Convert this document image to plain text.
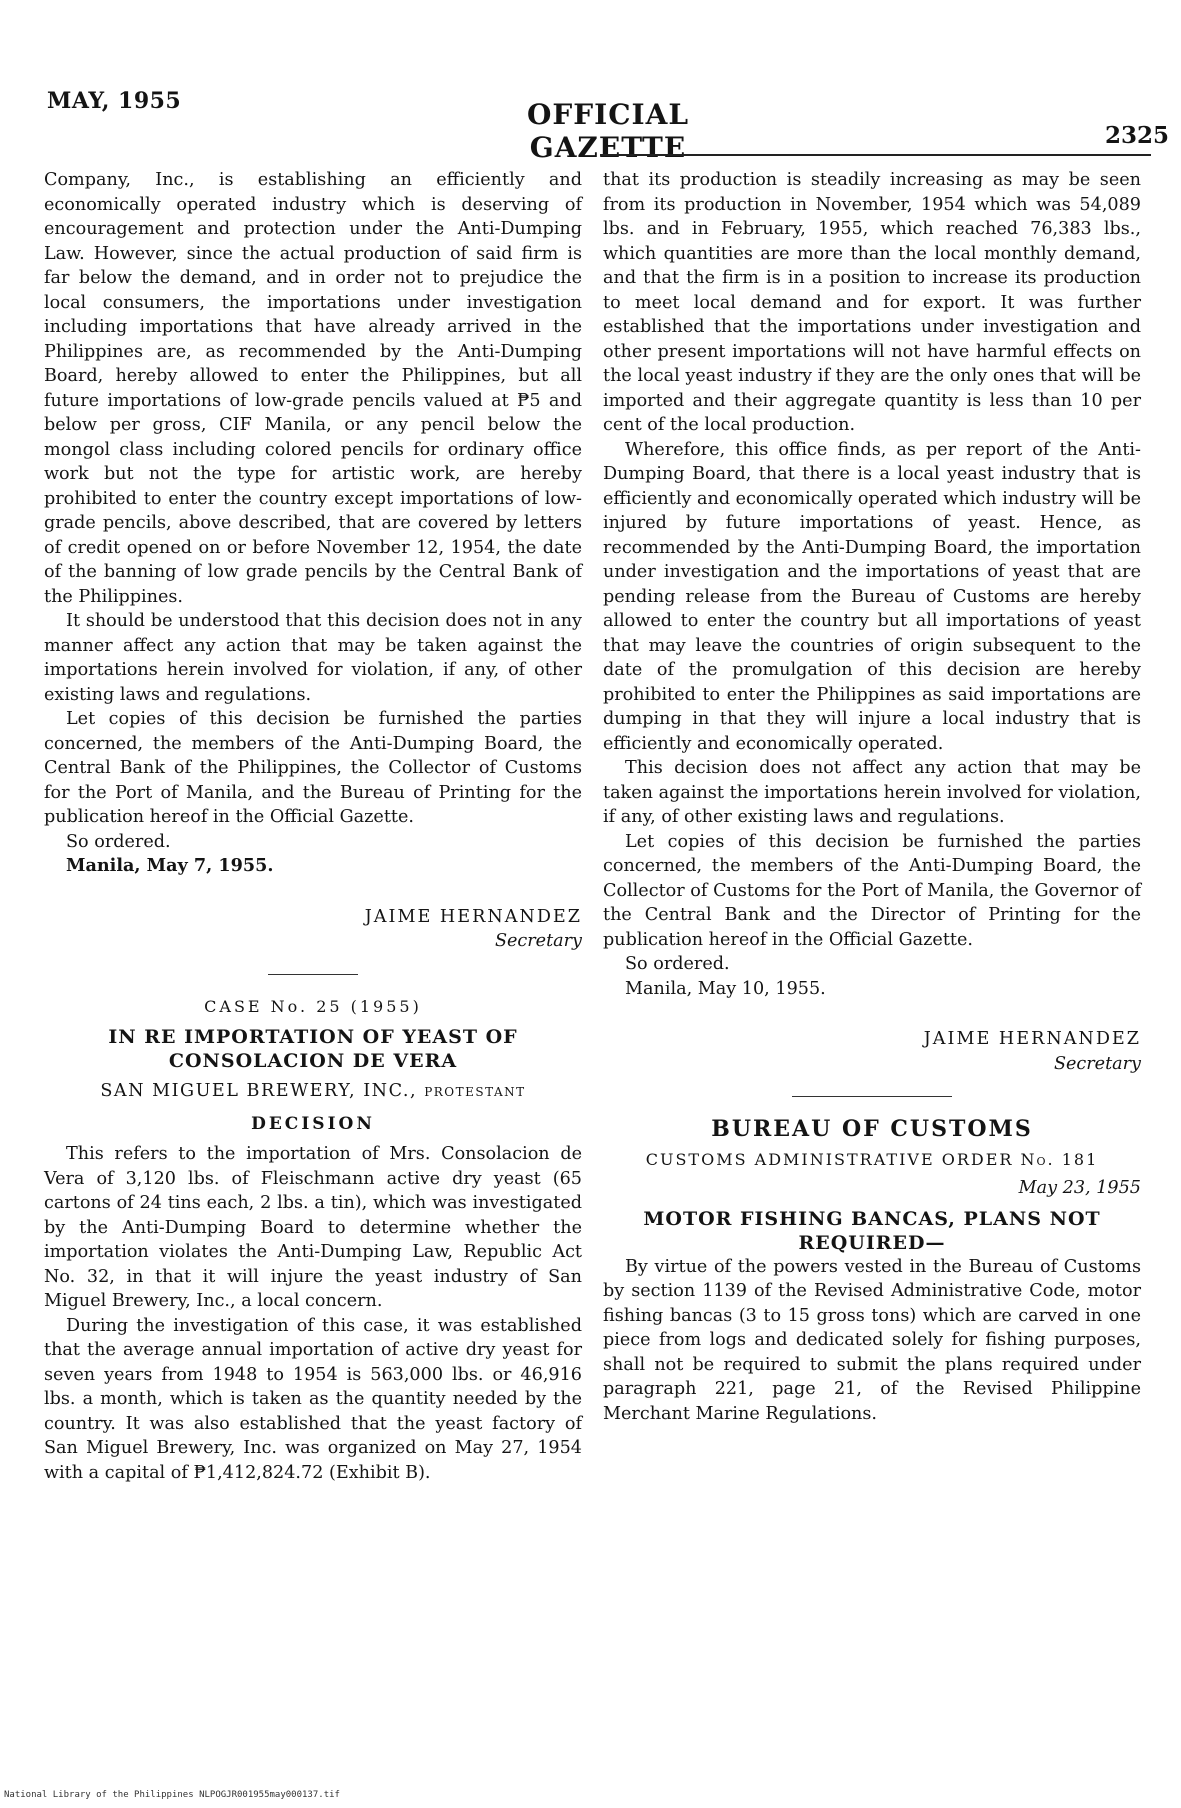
MAY, 1955	OFFICIAL GAZETTE	2325

Company, Inc., is establishing an efficiently and economically operated industry which is deserving of encouragement and protection under the Anti-Dumping Law. However, since the actual production of said firm is far below the demand, and in order not to prejudice the local consumers, the importations under investigation including importations that have already arrived in the Philippines are, as recommended by the Anti-Dumping Board, hereby allowed to enter the Philippines, but all future importations of low-grade pencils valued at ₱5 and below per gross, CIF Manila, or any pencil below the mongol class including colored pencils for ordinary office work but not the type for artistic work, are hereby prohibited to enter the country except importations of low-grade pencils, above described, that are covered by letters of credit opened on or before November 12, 1954, the date of the banning of low grade pencils by the Central Bank of the Philippines.

It should be understood that this decision does not in any manner affect any action that may be taken against the importations herein involved for violation, if any, of other existing laws and regulations.

Let copies of this decision be furnished the parties concerned, the members of the Anti-Dumping Board, the Central Bank of the Philippines, the Collector of Customs for the Port of Manila, and the Bureau of Printing for the publication hereof in the Official Gazette.

So ordered.

Manila, May 7, 1955.

JAIME HERNANDEZ

Secretary

CASE No. 25 (1955)

IN RE IMPORTATION OF YEAST OF CONSOLACION DE VERA

SAN MIGUEL BREWERY, INC., protestant

DECISION

This refers to the importation of Mrs. Consolacion de Vera of 3,120 lbs. of Fleischmann active dry yeast (65 cartons of 24 tins each, 2 lbs. a tin), which was investigated by the Anti-Dumping Board to determine whether the importation violates the Anti-Dumping Law, Republic Act No. 32, in that it will injure the yeast industry of San Miguel Brewery, Inc., a local concern.

During the investigation of this case, it was established that the average annual importation of active dry yeast for seven years from 1948 to 1954 is 563,000 lbs. or 46,916 lbs. a month, which is taken as the quantity needed by the country. It was also established that the yeast factory of San Miguel Brewery, Inc. was organized on May 27, 1954 with a capital of ₱1,412,824.72 (Exhibit B).

that its production is steadily increasing as may be seen from its production in November, 1954 which was 54,089 lbs. and in February, 1955, which reached 76,383 lbs., which quantities are more than the local monthly demand, and that the firm is in a position to increase its production to meet local demand and for export. It was further established that the importations under investigation and other present importations will not have harmful effects on the local yeast industry if they are the only ones that will be imported and their aggregate quantity is less than 10 per cent of the local production.

Wherefore, this office finds, as per report of the Anti-Dumping Board, that there is a local yeast industry that is efficiently and economically operated which industry will be injured by future importations of yeast. Hence, as recommended by the Anti-Dumping Board, the importation under investigation and the importations of yeast that are pending release from the Bureau of Customs are hereby allowed to enter the country but all importations of yeast that may leave the countries of origin subsequent to the date of the promulgation of this decision are hereby prohibited to enter the Philippines as said importations are dumping in that they will injure a local industry that is efficiently and economically operated.

This decision does not affect any action that may be taken against the importations herein involved for violation, if any, of other existing laws and regulations.

Let copies of this decision be furnished the parties concerned, the members of the Anti-Dumping Board, the Collector of Customs for the Port of Manila, the Governor of the Central Bank and the Director of Printing for the publication hereof in the Official Gazette.

So ordered.

Manila, May 10, 1955.

JAIME HERNANDEZ

Secretary

BUREAU OF CUSTOMS

CUSTOMS ADMINISTRATIVE ORDER No. 181

May 23, 1955

MOTOR FISHING BANCAS, PLANS NOT REQUIRED—

By virtue of the powers vested in the Bureau of Customs by section 1139 of the Revised Administrative Code, motor fishing bancas (3 to 15 gross tons) which are carved in one piece from logs and dedicated solely for fishing purposes, shall not be required to submit the plans required under paragraph 221, page 21, of the Revised Philippine Merchant Marine Regulations.

National Library of the Philippines NLPOGJR001955may000137.tif
